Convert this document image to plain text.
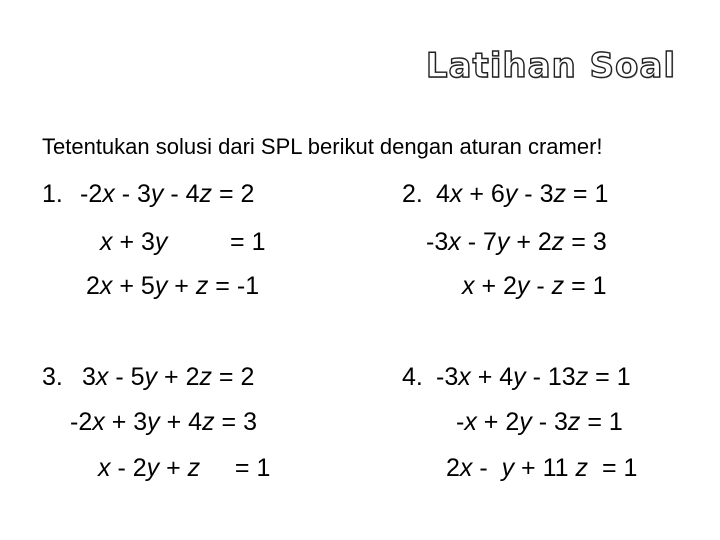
Latihan Soal
Tetentukan solusi dari SPL berikut dengan aturan cramer!
1. -2x - 3y - 4z = 2
x + 3y	= 1
2x + 5y + z = -1
2. 4x + 6y - 3z = 1
-3x - 7y + 2z = 3
x + 2y - z = 1
3. 3x - 5y + 2z = 2
-2x + 3y + 4z = 3
x - 2y + z = 1
4. -3x + 4y - 13z = 1
-x + 2y - 3z = 1
2x - y + 11 z = 1
